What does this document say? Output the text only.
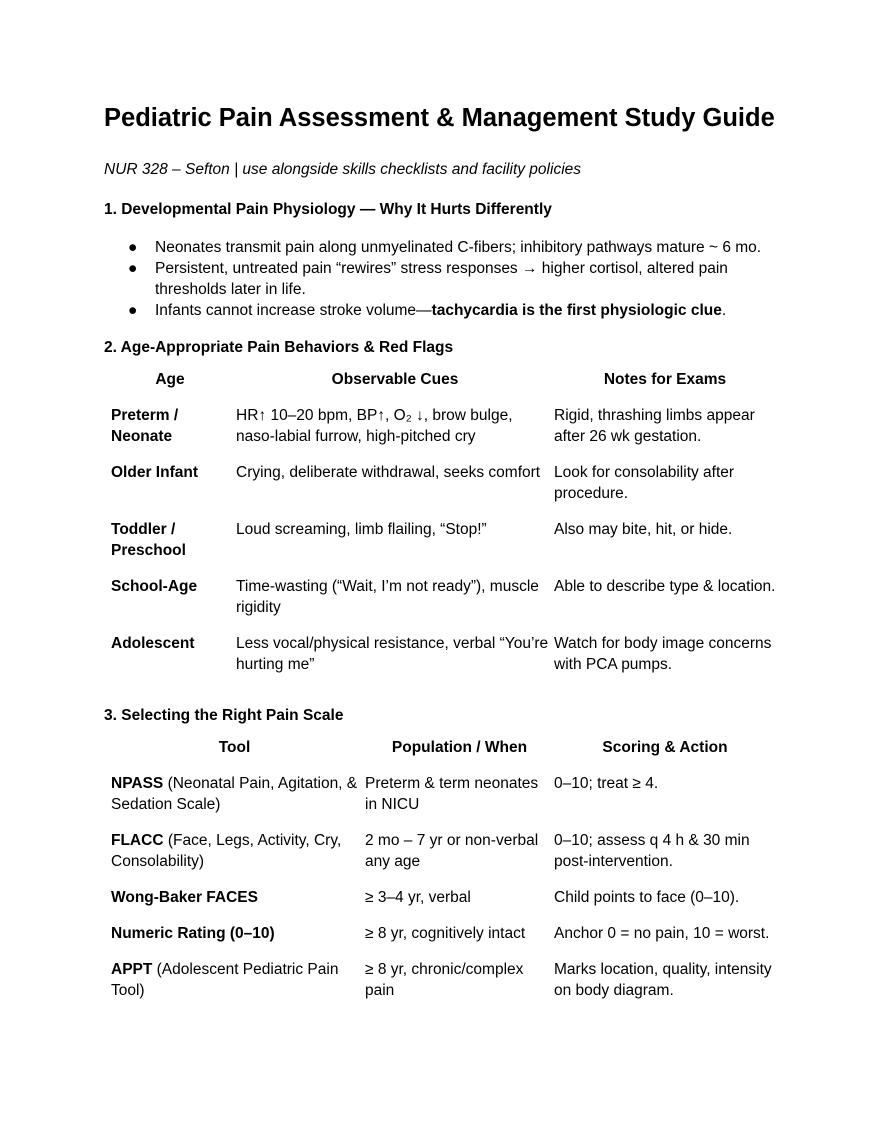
Pediatric Pain Assessment & Management Study Guide
NUR 328 – Sefton | use alongside skills checklists and facility policies
1. Developmental Pain Physiology — Why It Hurts Differently
● Neonates transmit pain along unmyelinated C-fibers; inhibitory pathways mature ~ 6 mo.
● Persistent, untreated pain “rewires” stress responses → higher cortisol, altered pain thresholds later in life.
● Infants cannot increase stroke volume—tachycardia is the first physiologic clue.
2. Age-Appropriate Pain Behaviors & Red Flags
Age	Observable Cues	Notes for Exams
Preterm / Neonate	HR↑ 10–20 bpm, BP↑, O₂ ↓, brow bulge, naso-labial furrow, high-pitched cry	Rigid, thrashing limbs appear after 26 wk gestation.
Older Infant	Crying, deliberate withdrawal, seeks comfort	Look for consolability after procedure.
Toddler / Preschool	Loud screaming, limb flailing, “Stop!”	Also may bite, hit, or hide.
School-Age	Time-wasting (“Wait, I’m not ready”), muscle rigidity	Able to describe type & location.
Adolescent	Less vocal/physical resistance, verbal “You’re hurting me”	Watch for body image concerns with PCA pumps.
3. Selecting the Right Pain Scale
Tool	Population / When	Scoring & Action
NPASS (Neonatal Pain, Agitation, & Sedation Scale)	Preterm & term neonates in NICU	0–10; treat ≥ 4.
FLACC (Face, Legs, Activity, Cry, Consolability)	2 mo – 7 yr or non-verbal any age	0–10; assess q 4 h & 30 min post-intervention.
Wong-Baker FACES	≥ 3–4 yr, verbal	Child points to face (0–10).
Numeric Rating (0–10)	≥ 8 yr, cognitively intact	Anchor 0 = no pain, 10 = worst.
APPT (Adolescent Pediatric Pain Tool)	≥ 8 yr, chronic/complex pain	Marks location, quality, intensity on body diagram.
